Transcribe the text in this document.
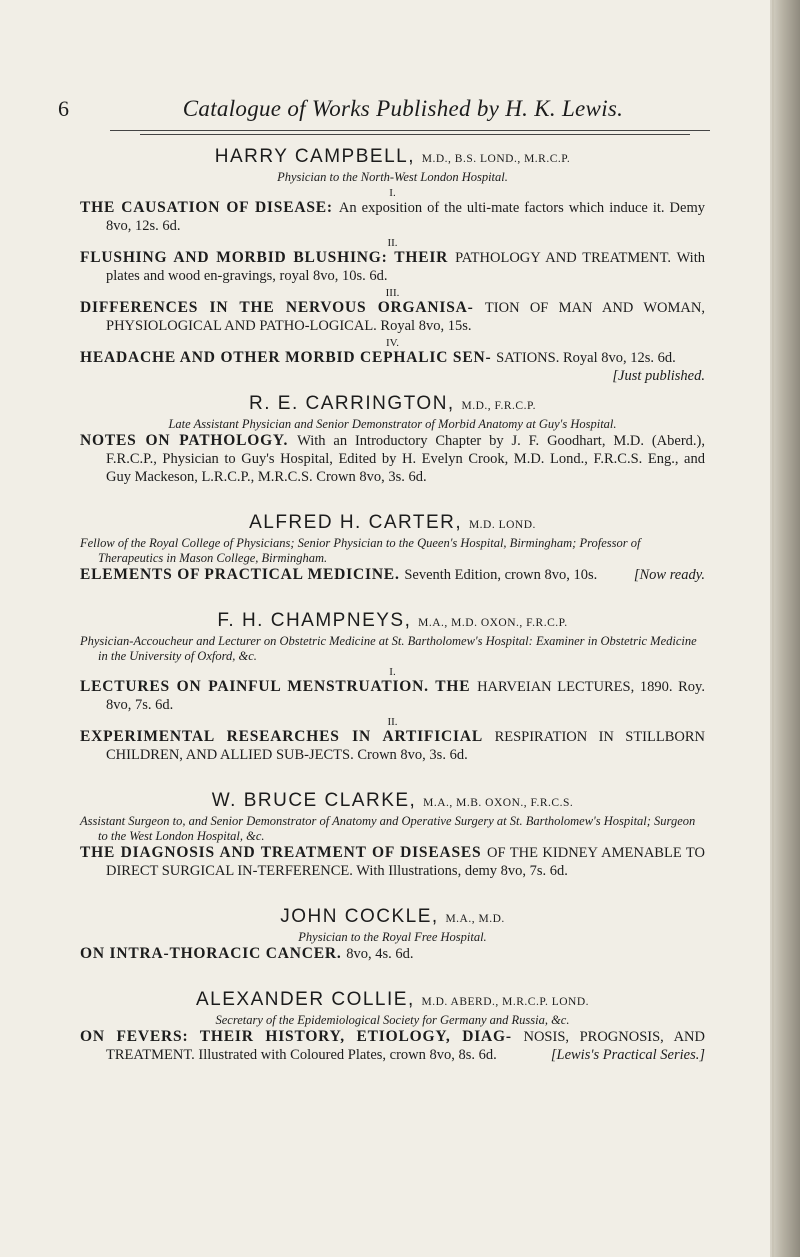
6	Catalogue of Works Published by H. K. Lewis.
HARRY CAMPBELL, M.D., B.S. LOND., M.R.C.P.
Physician to the North-West London Hospital.
I.
THE CAUSATION OF DISEASE: An exposition of the ulti-mate factors which induce it. Demy 8vo, 12s. 6d.
II.
FLUSHING AND MORBID BLUSHING: THEIR PATHOLOGY AND TREATMENT. With plates and wood en-gravings, royal 8vo, 10s. 6d.
III.
DIFFERENCES IN THE NERVOUS ORGANISA- TION OF MAN AND WOMAN, PHYSIOLOGICAL AND PATHO-LOGICAL. Royal 8vo, 15s.
IV.
HEADACHE AND OTHER MORBID CEPHALIC SEN- SATIONS. Royal 8vo, 12s. 6d.
[Just published.
R. E. CARRINGTON, M.D., F.R.C.P.
Late Assistant Physician and Senior Demonstrator of Morbid Anatomy at Guy's Hospital.
NOTES ON PATHOLOGY. With an Introductory Chapter by J. F. Goodhart, M.D. (Aberd.), F.R.C.P., Physician to Guy's Hospital, Edited by H. Evelyn Crook, M.D. Lond., F.R.C.S. Eng., and Guy Mackeson, L.R.C.P., M.R.C.S. Crown 8vo, 3s. 6d.
ALFRED H. CARTER, M.D. LOND.
Fellow of the Royal College of Physicians; Senior Physician to the Queen's Hospital, Birmingham; Professor of Therapeutics in Mason College, Birmingham.
ELEMENTS OF PRACTICAL MEDICINE. Seventh Edition, crown 8vo, 10s.	[Now ready.
F. H. CHAMPNEYS, M.A., M.D. OXON., F.R.C.P.
Physician-Accoucheur and Lecturer on Obstetric Medicine at St. Bartholomew's Hospital: Examiner in Obstetric Medicine in the University of Oxford, &c.
I.
LECTURES ON PAINFUL MENSTRUATION. THE HARVEIAN LECTURES, 1890. Roy. 8vo, 7s. 6d.
II.
EXPERIMENTAL RESEARCHES IN ARTIFICIAL RESPIRATION IN STILLBORN CHILDREN, AND ALLIED SUB-JECTS. Crown 8vo, 3s. 6d.
W. BRUCE CLARKE, M.A., M.B. OXON., F.R.C.S.
Assistant Surgeon to, and Senior Demonstrator of Anatomy and Operative Surgery at St. Bartholomew's Hospital; Surgeon to the West London Hospital, &c.
THE DIAGNOSIS AND TREATMENT OF DISEASES OF THE KIDNEY AMENABLE TO DIRECT SURGICAL IN-TERFERENCE. With Illustrations, demy 8vo, 7s. 6d.
JOHN COCKLE, M.A., M.D.
Physician to the Royal Free Hospital.
ON INTRA-THORACIC CANCER. 8vo, 4s. 6d.
ALEXANDER COLLIE, M.D. ABERD., M.R.C.P. LOND.
Secretary of the Epidemiological Society for Germany and Russia, &c.
ON FEVERS: THEIR HISTORY, ETIOLOGY, DIAG- NOSIS, PROGNOSIS, AND TREATMENT. Illustrated with Coloured Plates, crown 8vo, 8s. 6d.	[Lewis's Practical Series.]
